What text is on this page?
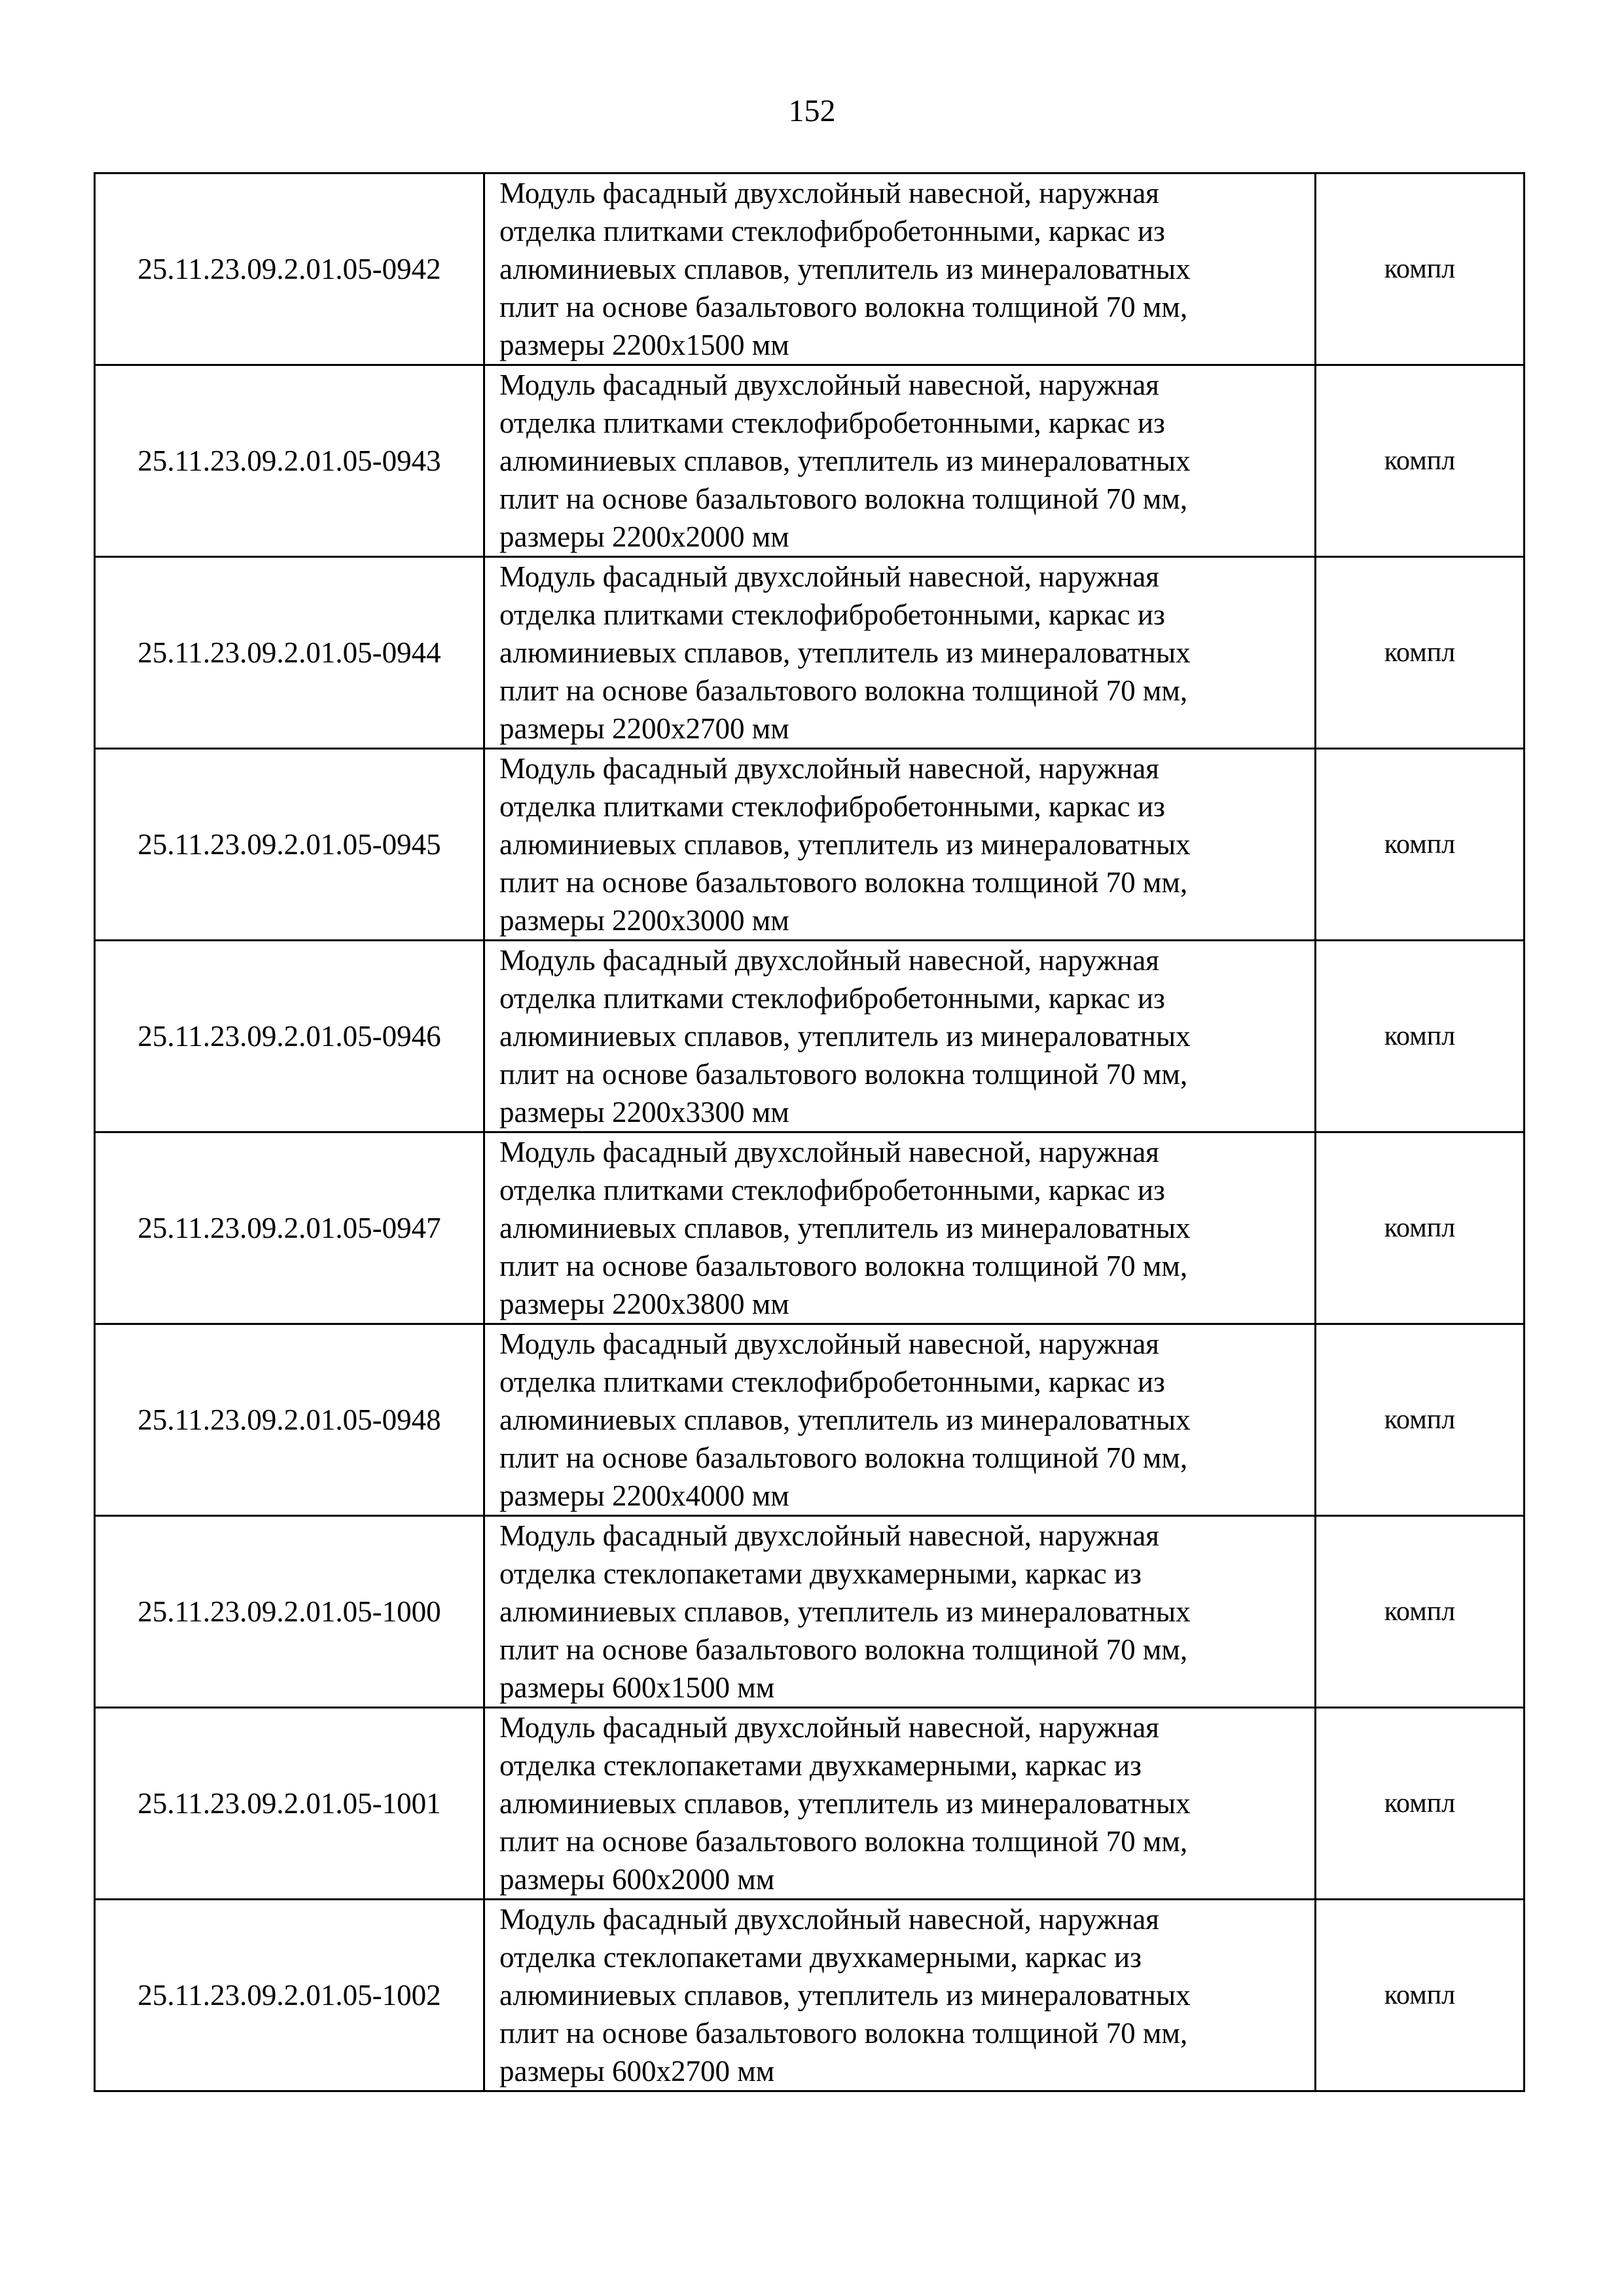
152
25.11.23.09.2.01.05-0942	Модуль фасадный двухслойный навесной, наружная
отделка плитками стеклофибробетонными, каркас из
алюминиевых сплавов, утеплитель из минераловатных
плит на основе базальтового волокна толщиной 70 мм,
размеры 2200x1500 мм	компл
25.11.23.09.2.01.05-0943	Модуль фасадный двухслойный навесной, наружная
отделка плитками стеклофибробетонными, каркас из
алюминиевых сплавов, утеплитель из минераловатных
плит на основе базальтового волокна толщиной 70 мм,
размеры 2200x2000 мм	компл
25.11.23.09.2.01.05-0944	Модуль фасадный двухслойный навесной, наружная
отделка плитками стеклофибробетонными, каркас из
алюминиевых сплавов, утеплитель из минераловатных
плит на основе базальтового волокна толщиной 70 мм,
размеры 2200x2700 мм	компл
25.11.23.09.2.01.05-0945	Модуль фасадный двухслойный навесной, наружная
отделка плитками стеклофибробетонными, каркас из
алюминиевых сплавов, утеплитель из минераловатных
плит на основе базальтового волокна толщиной 70 мм,
размеры 2200x3000 мм	компл
25.11.23.09.2.01.05-0946	Модуль фасадный двухслойный навесной, наружная
отделка плитками стеклофибробетонными, каркас из
алюминиевых сплавов, утеплитель из минераловатных
плит на основе базальтового волокна толщиной 70 мм,
размеры 2200x3300 мм	компл
25.11.23.09.2.01.05-0947	Модуль фасадный двухслойный навесной, наружная
отделка плитками стеклофибробетонными, каркас из
алюминиевых сплавов, утеплитель из минераловатных
плит на основе базальтового волокна толщиной 70 мм,
размеры 2200x3800 мм	компл
25.11.23.09.2.01.05-0948	Модуль фасадный двухслойный навесной, наружная
отделка плитками стеклофибробетонными, каркас из
алюминиевых сплавов, утеплитель из минераловатных
плит на основе базальтового волокна толщиной 70 мм,
размеры 2200x4000 мм	компл
25.11.23.09.2.01.05-1000	Модуль фасадный двухслойный навесной, наружная
отделка стеклопакетами двухкамерными, каркас из
алюминиевых сплавов, утеплитель из минераловатных
плит на основе базальтового волокна толщиной 70 мм,
размеры 600x1500 мм	компл
25.11.23.09.2.01.05-1001	Модуль фасадный двухслойный навесной, наружная
отделка стеклопакетами двухкамерными, каркас из
алюминиевых сплавов, утеплитель из минераловатных
плит на основе базальтового волокна толщиной 70 мм,
размеры 600x2000 мм	компл
25.11.23.09.2.01.05-1002	Модуль фасадный двухслойный навесной, наружная
отделка стеклопакетами двухкамерными, каркас из
алюминиевых сплавов, утеплитель из минераловатных
плит на основе базальтового волокна толщиной 70 мм,
размеры 600x2700 мм	компл
